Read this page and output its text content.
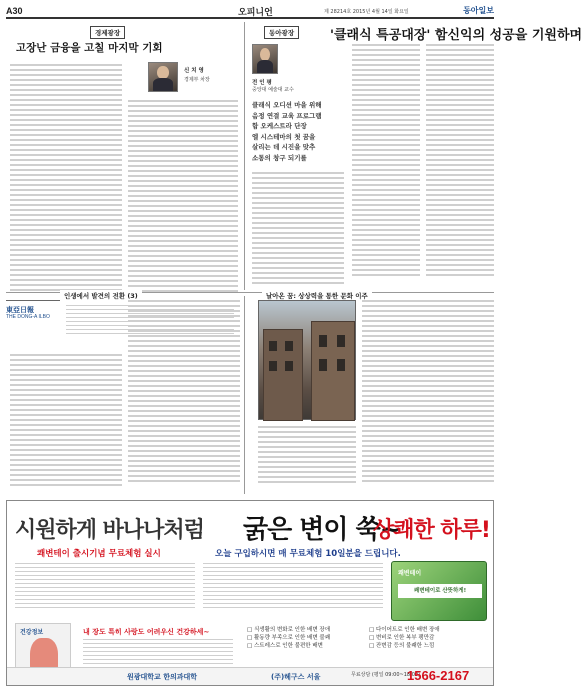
A30	오피니언	제 28214호 2015년 4월 14일 화요일	동아일보
경제광장
고장난 금융을 고칠 마지막 기회
신 치 영
경제부 차장
동아광장	'클래식 특공대장' 함신익의 성공을 기원하며
전 인 평
중앙대 예술대 교수
클래식 오디션 마을 위해
음정 연결 교육 프로그램
함 오케스트라 단장
엘 시스테마의 첫 꿈을
살리는 데 시진을 맞추
소통의 창구 되기를
東亞日報
THE DONG-A ILBO
인생에서 발견의 전환 (3)	날아온 꿈: 상상력을 통한 문화 이주
시원하게 바나나처럼 굵은 변이 쑥~
상쾌한 하루!
쾌변테이 출시기념 무료체험 실시	오늘 구입하시면 매 무료체험 10일분을 드립니다.
쾌변테이
쾌변테이로 산뜻하게!
건강정보	내 장도 특히 사랑도 어려우신 건강하세~	□ 식생활의 변화로 인한 배변 장애
□ 활동량 부족으로 인한 배변 불쾌
□ 스트레스로 인한 불편한 배변
□ 다이어트로 인한 배변 장애
□ 변비로 인한 복부 팽만감
□ 잔변감 등의 불쾌한 느낌
원광대학교 한의과대학	(주)헤구스 서울	무료상담 (평일 09:00~18:00)
1566-2167
